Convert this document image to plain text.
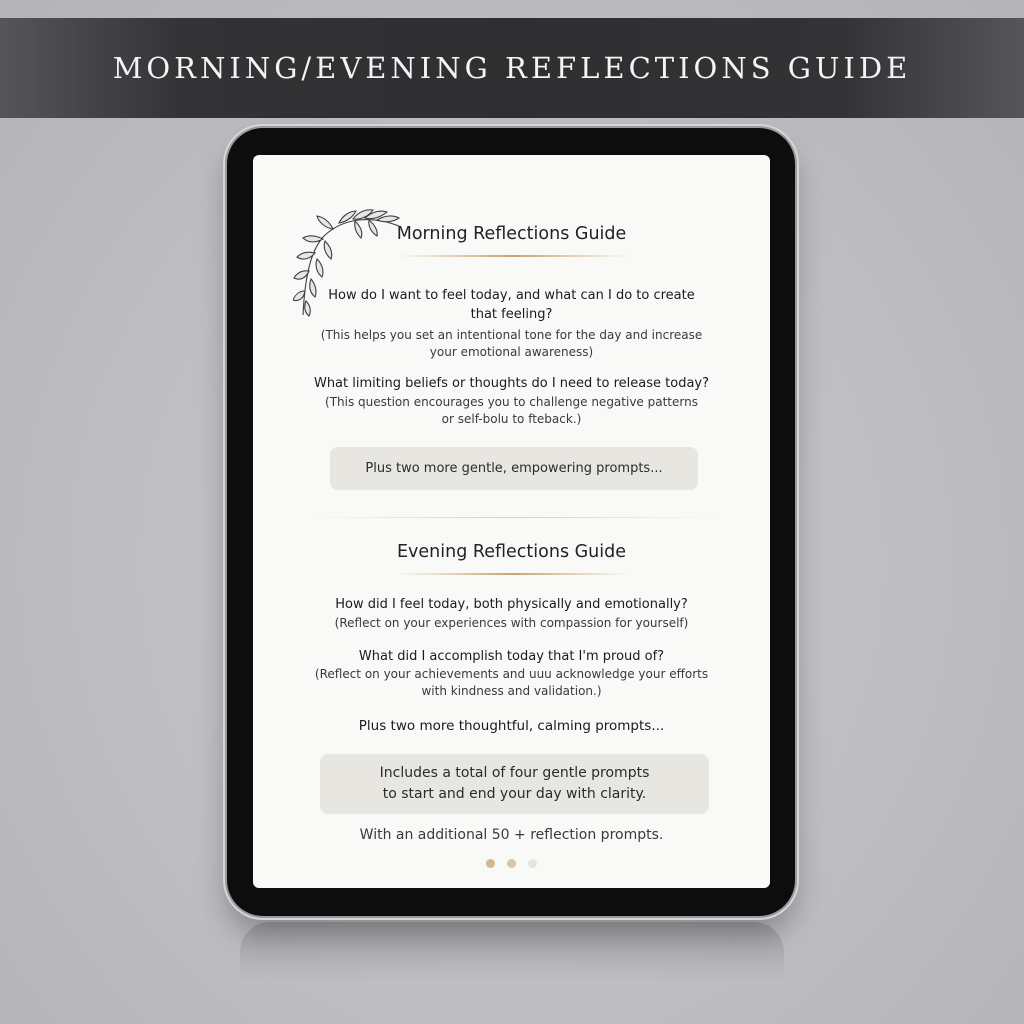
MORNING/EVENING REFLECTIONS GUIDE
Morning Reflections Guide
How do I want to feel today, and what can I do to create
that feeling?
(This helps you set an intentional tone for the day and increase
your emotional awareness)
What limiting beliefs or thoughts do I need to release today?
(This question encourages you to challenge negative patterns
or self-bolu to fteback.)
Plus two more gentle, empowering prompts...
Evening Reflections Guide
How did I feel today, both physically and emotionally?
(Reflect on your experiences with compassion for yourself)
What did I accomplish today that I'm proud of?
(Reflect on your achievements and uuu acknowledge your efforts
with kindness and validation.)
Plus two more thoughtful, calming prompts...
Includes a total of four gentle prompts
to start and end your day with clarity.
With an additional 50 + reflection prompts.
